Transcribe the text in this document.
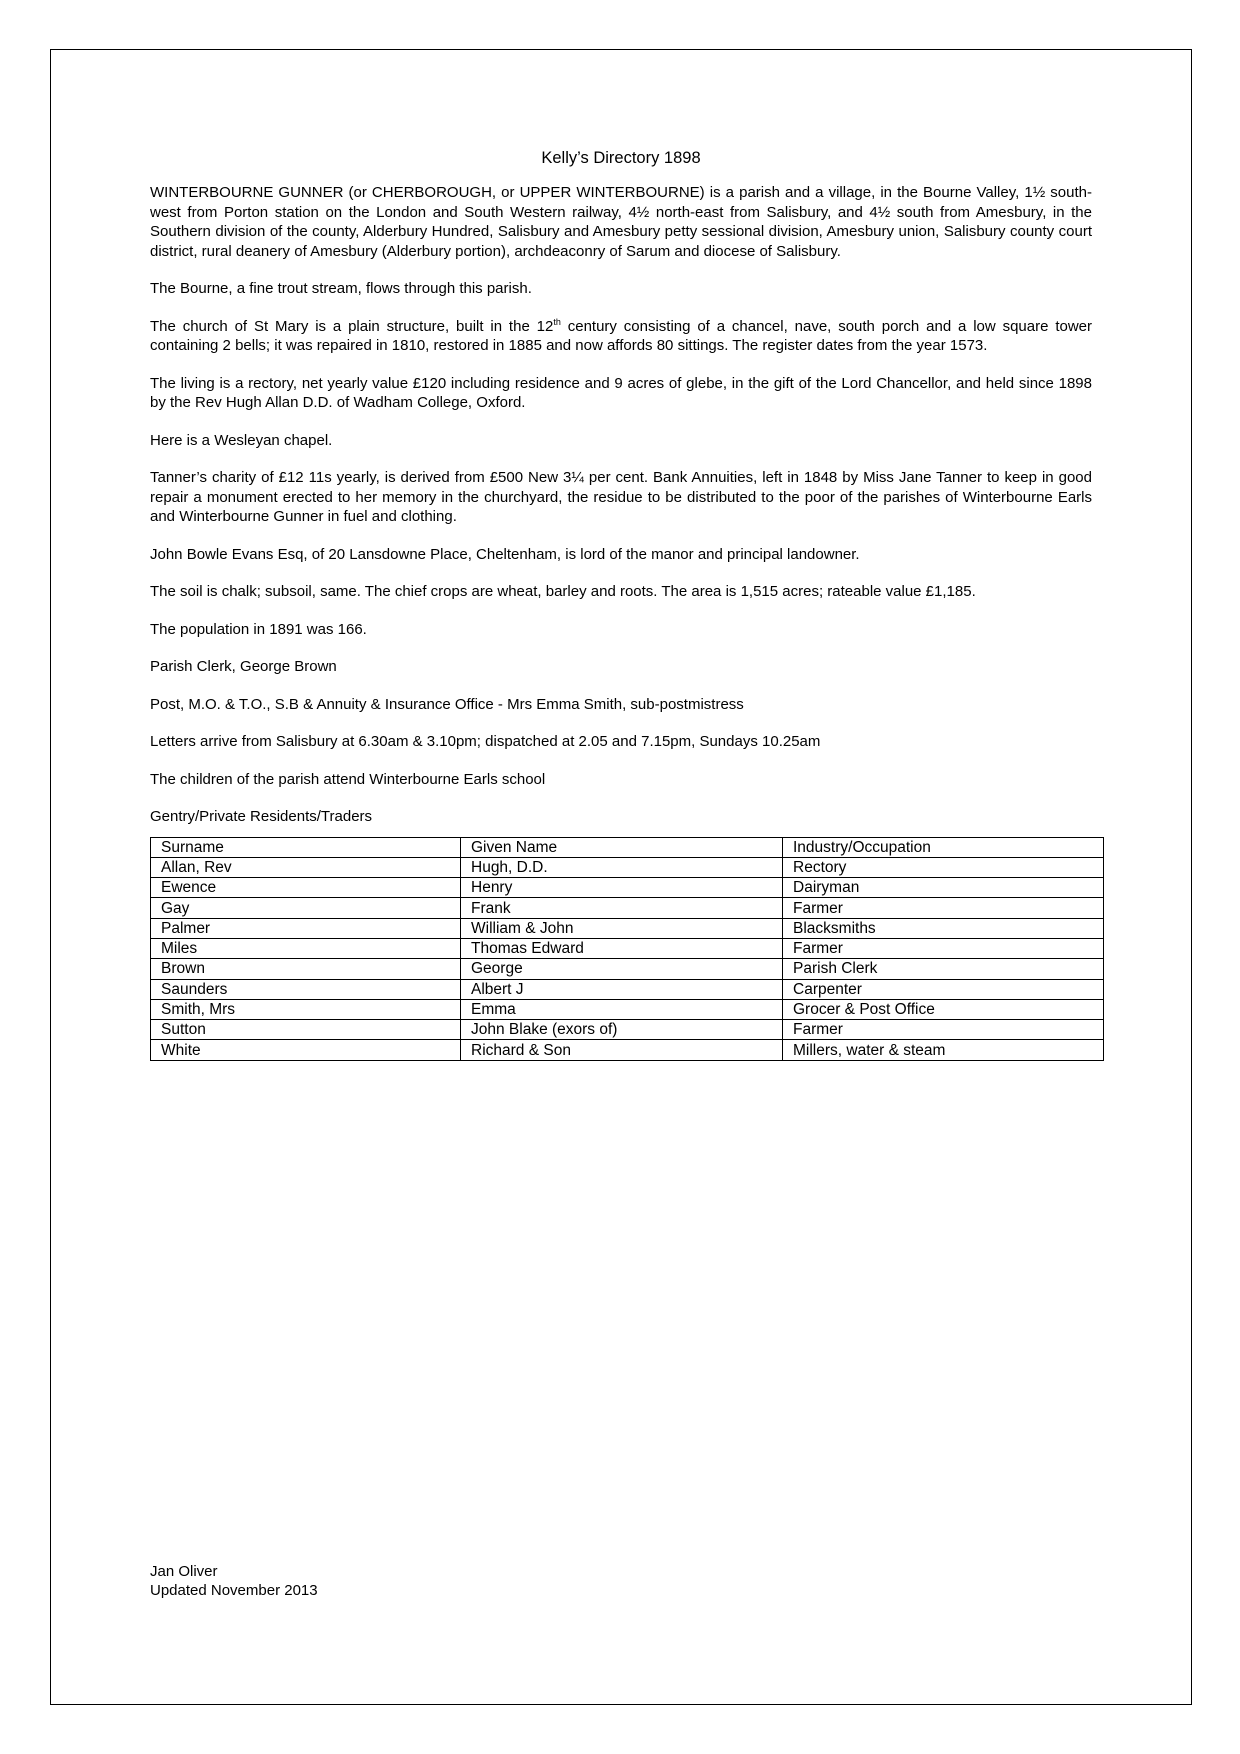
Kelly’s Directory 1898

WINTERBOURNE GUNNER (or CHERBOROUGH, or UPPER WINTERBOURNE) is a parish and a village, in the Bourne Valley, 1½ south-west from Porton station on the London and South Western railway, 4½ north-east from Salisbury, and 4½ south from Amesbury, in the Southern division of the county, Alderbury Hundred, Salisbury and Amesbury petty sessional division, Amesbury union, Salisbury county court district, rural deanery of Amesbury (Alderbury portion), archdeaconry of Sarum and diocese of Salisbury.

The Bourne, a fine trout stream, flows through this parish.

The church of St Mary is a plain structure, built in the 12th century consisting of a chancel, nave, south porch and a low square tower containing 2 bells; it was repaired in 1810, restored in 1885 and now affords 80 sittings. The register dates from the year 1573.

The living is a rectory, net yearly value £120 including residence and 9 acres of glebe, in the gift of the Lord Chancellor, and held since 1898 by the Rev Hugh Allan D.D. of Wadham College, Oxford.

Here is a Wesleyan chapel.

Tanner’s charity of £12 11s yearly, is derived from £500 New 3¼ per cent. Bank Annuities, left in 1848 by Miss Jane Tanner to keep in good repair a monument erected to her memory in the churchyard, the residue to be distributed to the poor of the parishes of Winterbourne Earls and Winterbourne Gunner in fuel and clothing.

John Bowle Evans Esq, of 20 Lansdowne Place, Cheltenham, is lord of the manor and principal landowner.

The soil is chalk; subsoil, same. The chief crops are wheat, barley and roots. The area is 1,515 acres; rateable value £1,185.

The population in 1891 was 166.

Parish Clerk, George Brown

Post, M.O. & T.O., S.B & Annuity & Insurance Office - Mrs Emma Smith, sub-postmistress

Letters arrive from Salisbury at 6.30am & 3.10pm; dispatched at 2.05 and 7.15pm, Sundays 10.25am

The children of the parish attend Winterbourne Earls school

Gentry/Private Residents/Traders

Surname	Given Name	Industry/Occupation
Allan, Rev	Hugh, D.D.	Rectory
Ewence	Henry	Dairyman
Gay	Frank	Farmer
Palmer	William & John	Blacksmiths
Miles	Thomas Edward	Farmer
Brown	George	Parish Clerk
Saunders	Albert J	Carpenter
Smith, Mrs	Emma	Grocer & Post Office
Sutton	John Blake (exors of)	Farmer
White	Richard & Son	Millers, water & steam
Jan Oliver
Updated November 2013
